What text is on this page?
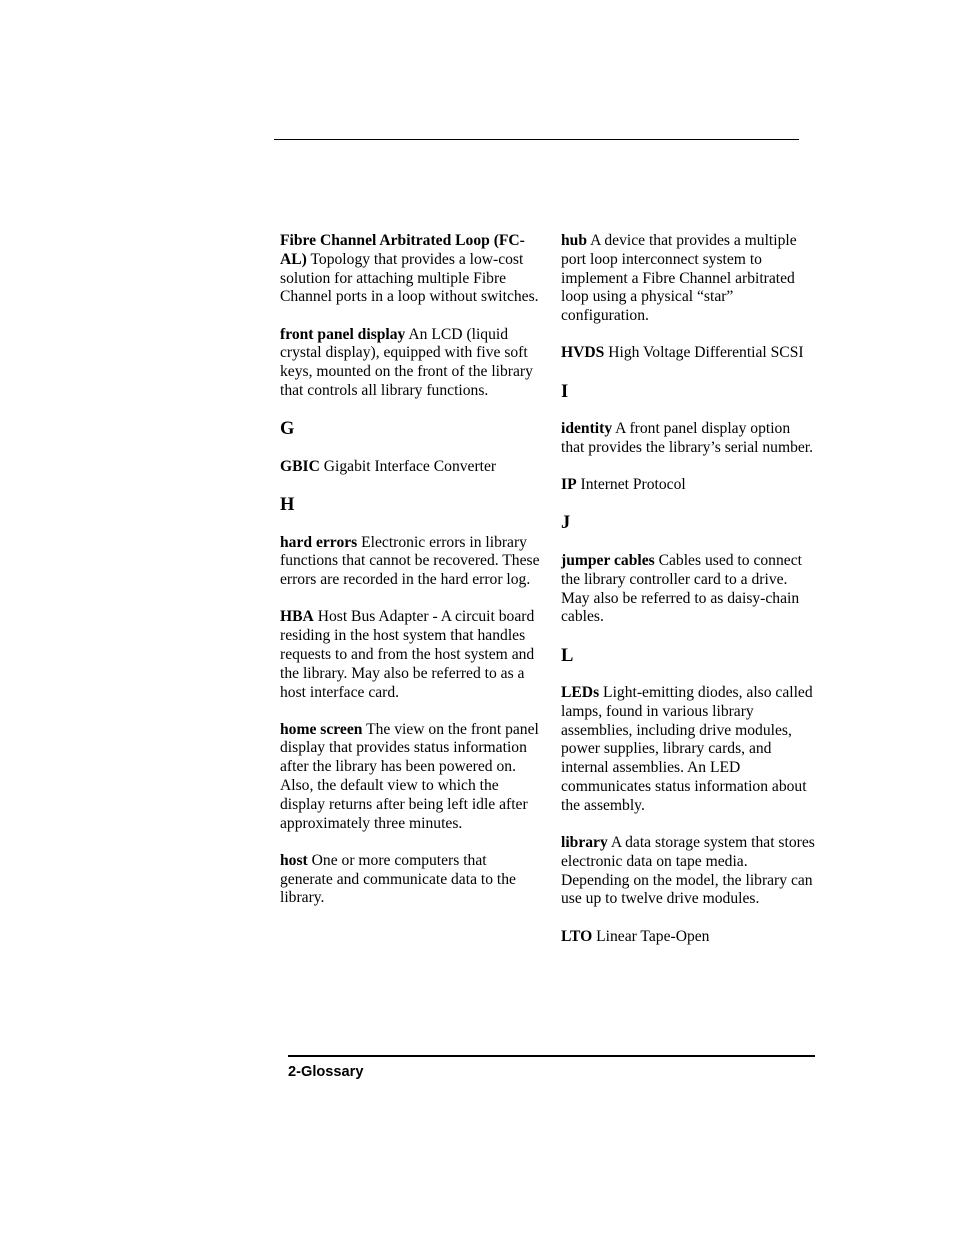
Fibre Channel Arbitrated Loop (FC-AL) Topology that provides a low-cost solution for attaching multiple Fibre Channel ports in a loop without switches.
front panel display An LCD (liquid crystal display), equipped with five soft keys, mounted on the front of the library that controls all library functions.
G
GBIC Gigabit Interface Converter
H
hard errors Electronic errors in library functions that cannot be recovered. These errors are recorded in the hard error log.
HBA Host Bus Adapter - A circuit board residing in the host system that handles requests to and from the host system and the library. May also be referred to as a host interface card.
home screen The view on the front panel display that provides status information after the library has been powered on. Also, the default view to which the display returns after being left idle after approximately three minutes.
host One or more computers that generate and communicate data to the library.
hub A device that provides a multiple port loop interconnect system to implement a Fibre Channel arbitrated loop using a physical “star” configuration.
HVDS High Voltage Differential SCSI
I
identity A front panel display option that provides the library’s serial number.
IP Internet Protocol
J
jumper cables Cables used to connect the library controller card to a drive. May also be referred to as daisy-chain cables.
L
LEDs Light-emitting diodes, also called lamps, found in various library assemblies, including drive modules, power supplies, library cards, and internal assemblies. An LED communicates status information about the assembly.
library A data storage system that stores electronic data on tape media. Depending on the model, the library can use up to twelve drive modules.
LTO Linear Tape-Open
2-Glossary
